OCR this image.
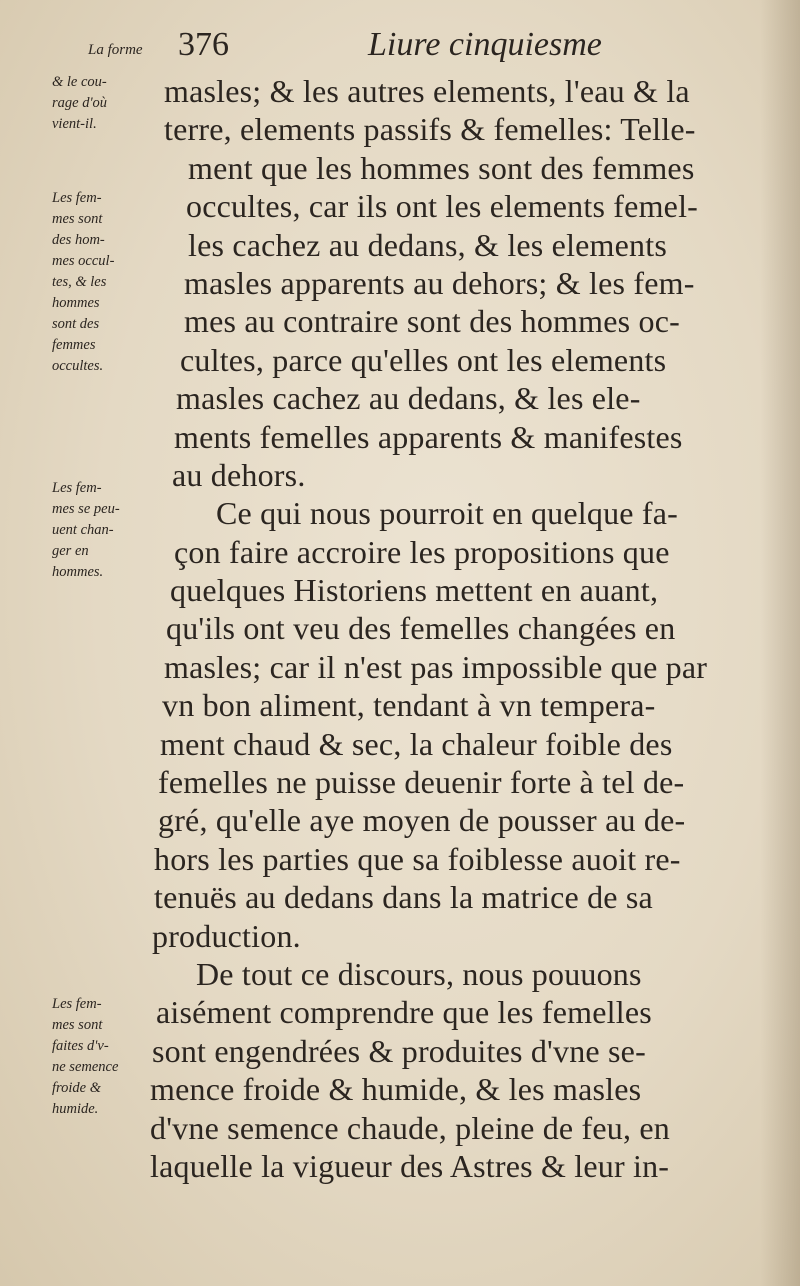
La forme 376	Liure cinquiesme
masles; & les autres elements, l'eau & la
terre, elements passifs & femelles: Telle-
ment que les hommes sont des femmes
occultes, car ils ont les elements femel-
les cachez au dedans, & les elements
masles apparents au dehors; & les fem-
mes au contraire sont des hommes oc-
cultes, parce qu'elles ont les elements
masles cachez au dedans, & les ele-
ments femelles apparents & manifestes
au dehors.
Ce qui nous pourroit en quelque fa-
çon faire accroire les propositions que
quelques Historiens mettent en auant,
qu'ils ont veu des femelles changées en
masles; car il n'est pas impossible que par
vn bon aliment, tendant à vn tempera-
ment chaud & sec, la chaleur foible des
femelles ne puisse deuenir forte à tel de-
gré, qu'elle aye moyen de pousser au de-
hors les parties que sa foiblesse auoit re-
tenuës au dedans dans la matrice de sa
production.
De tout ce discours, nous pouuons
aisément comprendre que les femelles
sont engendrées & produites d'vne se-
mence froide & humide, & les masles
d'vne semence chaude, pleine de feu, en
laquelle la vigueur des Astres & leur in-
& le cou-
rage d'où
vient-il.
Les fem-
mes sont
des hom-
mes occul-
tes, & les
hommes
sont des
femmes
occultes.
Les fem-
mes se peu-
uent chan-
ger en
hommes.
Les fem-
mes sont
faites d'v-
ne semence
froide &
humide.
